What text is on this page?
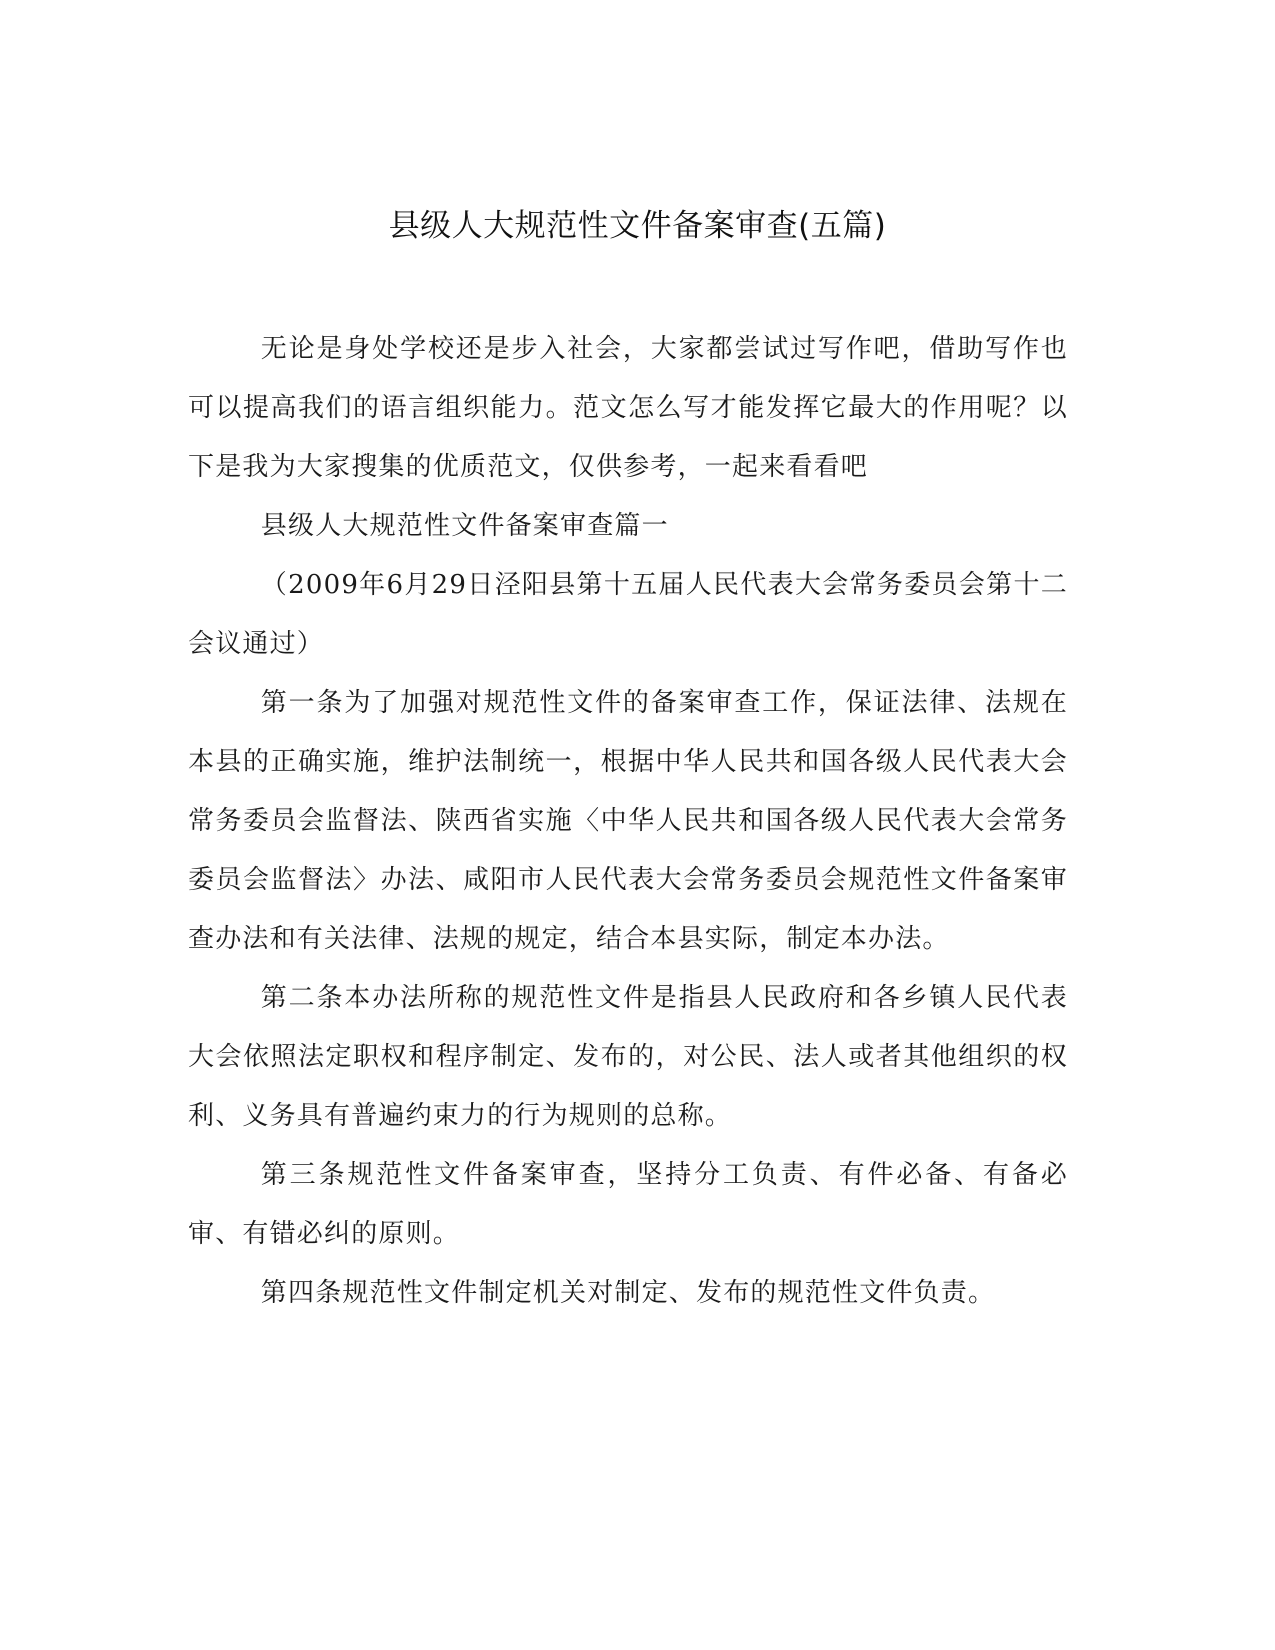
县级人大规范性文件备案审查(五篇)

无论是身处学校还是步入社会，大家都尝试过写作吧，借助写作也可以提高我们的语言组织能力。范文怎么写才能发挥它最大的作用呢？以下是我为大家搜集的优质范文，仅供参考，一起来看看吧

县级人大规范性文件备案审查篇一

（2009年6月29日泾阳县第十五届人民代表大会常务委员会第十二会议通过）

第一条为了加强对规范性文件的备案审查工作，保证法律、法规在本县的正确实施，维护法制统一，根据中华人民共和国各级人民代表大会常务委员会监督法、陕西省实施〈中华人民共和国各级人民代表大会常务委员会监督法〉办法、咸阳市人民代表大会常务委员会规范性文件备案审查办法和有关法律、法规的规定，结合本县实际，制定本办法。

第二条本办法所称的规范性文件是指县人民政府和各乡镇人民代表大会依照法定职权和程序制定、发布的，对公民、法人或者其他组织的权利、义务具有普遍约束力的行为规则的总称。

第三条规范性文件备案审查，坚持分工负责、有件必备、有备必审、有错必纠的原则。

第四条规范性文件制定机关对制定、发布的规范性文件负责。
